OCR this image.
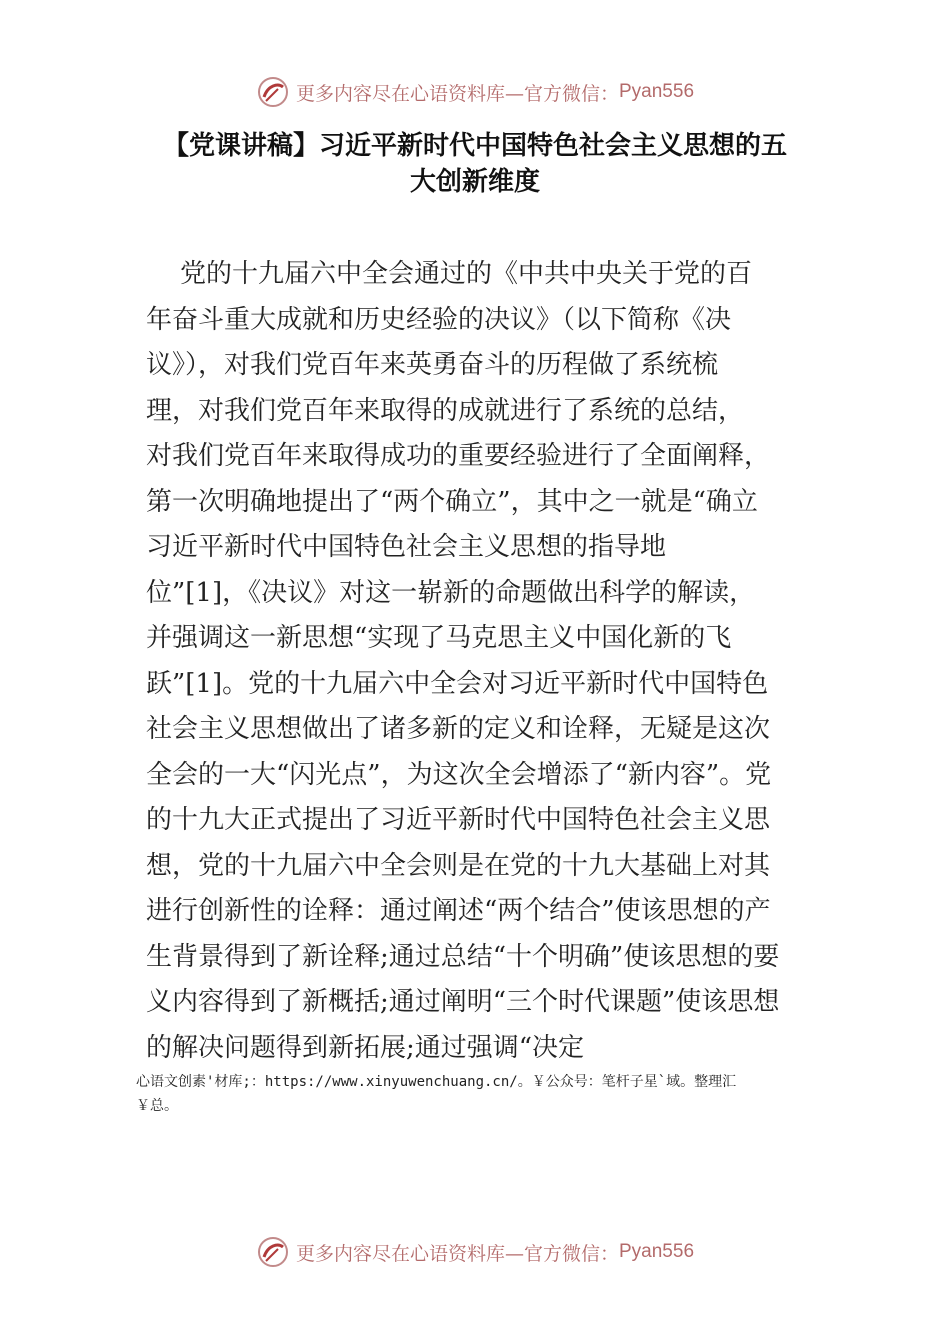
更多内容尽在心语资料库—官方微信： Pyan556
【党课讲稿】习近平新时代中国特色社会主义思想的五
大创新维度
党的十九届六中全会通过的《中共中央关于党的百
年奋斗重大成就和历史经验的决议》（以下简称《决
议》），对我们党百年来英勇奋斗的历程做了系统梳
理，对我们党百年来取得的成就进行了系统的总结，
对我们党百年来取得成功的重要经验进行了全面阐释，
第一次明确地提出了“两个确立”，其中之一就是“确立
习近平新时代中国特色社会主义思想的指导地
位”[1]，《决议》对这一崭新的命题做出科学的解读，
并强调这一新思想“实现了马克思主义中国化新的飞
跃”[1]。党的十九届六中全会对习近平新时代中国特色
社会主义思想做出了诸多新的定义和诠释，无疑是这次
全会的一大“闪光点”，为这次全会增添了“新内容”。党
的十九大正式提出了习近平新时代中国特色社会主义思
想，党的十九届六中全会则是在党的十九大基础上对其
进行创新性的诠释：通过阐述“两个结合”使该思想的产
生背景得到了新诠释;通过总结“十个明确”使该思想的要
义内容得到了新概括;通过阐明“三个时代课题”使该思想
的解决问题得到新拓展;通过强调“决定
心语文创素'材库;：https://www.xinyuwenchuang.cn/。￥公众号：笔杆子星`域。整理汇
￥总。
更多内容尽在心语资料库—官方微信： Pyan556
